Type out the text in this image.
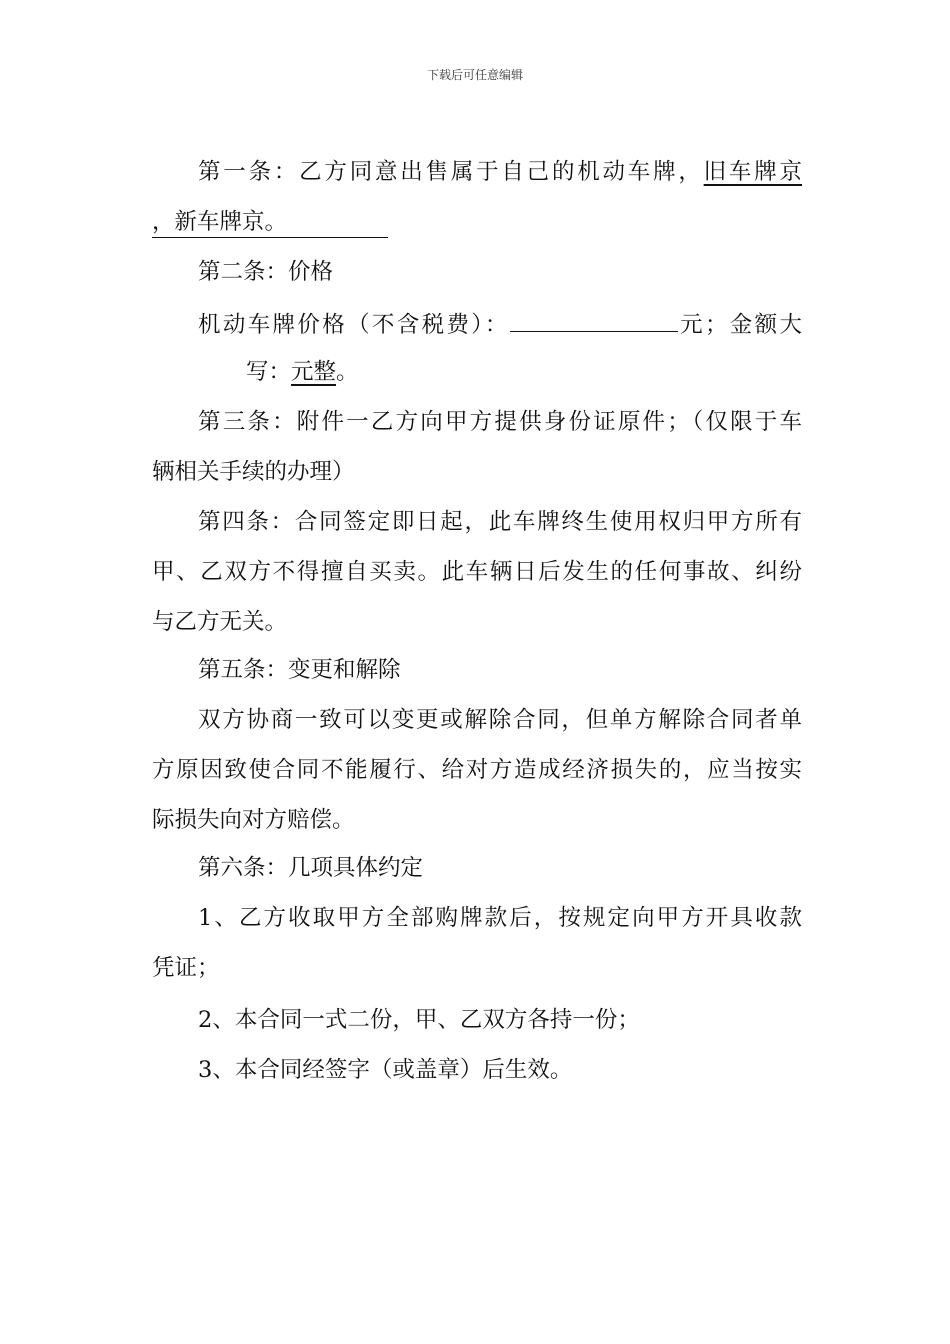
下载后可任意编辑
第一条：乙方同意出售属于自己的机动车牌，旧车牌京
，新车牌京。
第二条：价格
机动车牌价格（不含税费）：	元；金额大
写：元整。
第三条：附件一乙方向甲方提供身份证原件；（仅限于车
辆相关手续的办理）
第四条：合同签定即日起，此车牌终生使用权归甲方所有
甲、乙双方不得擅自买卖。此车辆日后发生的任何事故、纠纷
与乙方无关。
第五条：变更和解除
双方协商一致可以变更或解除合同，但单方解除合同者单
方原因致使合同不能履行、给对方造成经济损失的，应当按实
际损失向对方赔偿。
第六条：几项具体约定
1、乙方收取甲方全部购牌款后，按规定向甲方开具收款
凭证；
2、本合同一式二份，甲、乙双方各持一份；
3、本合同经签字（或盖章）后生效。
